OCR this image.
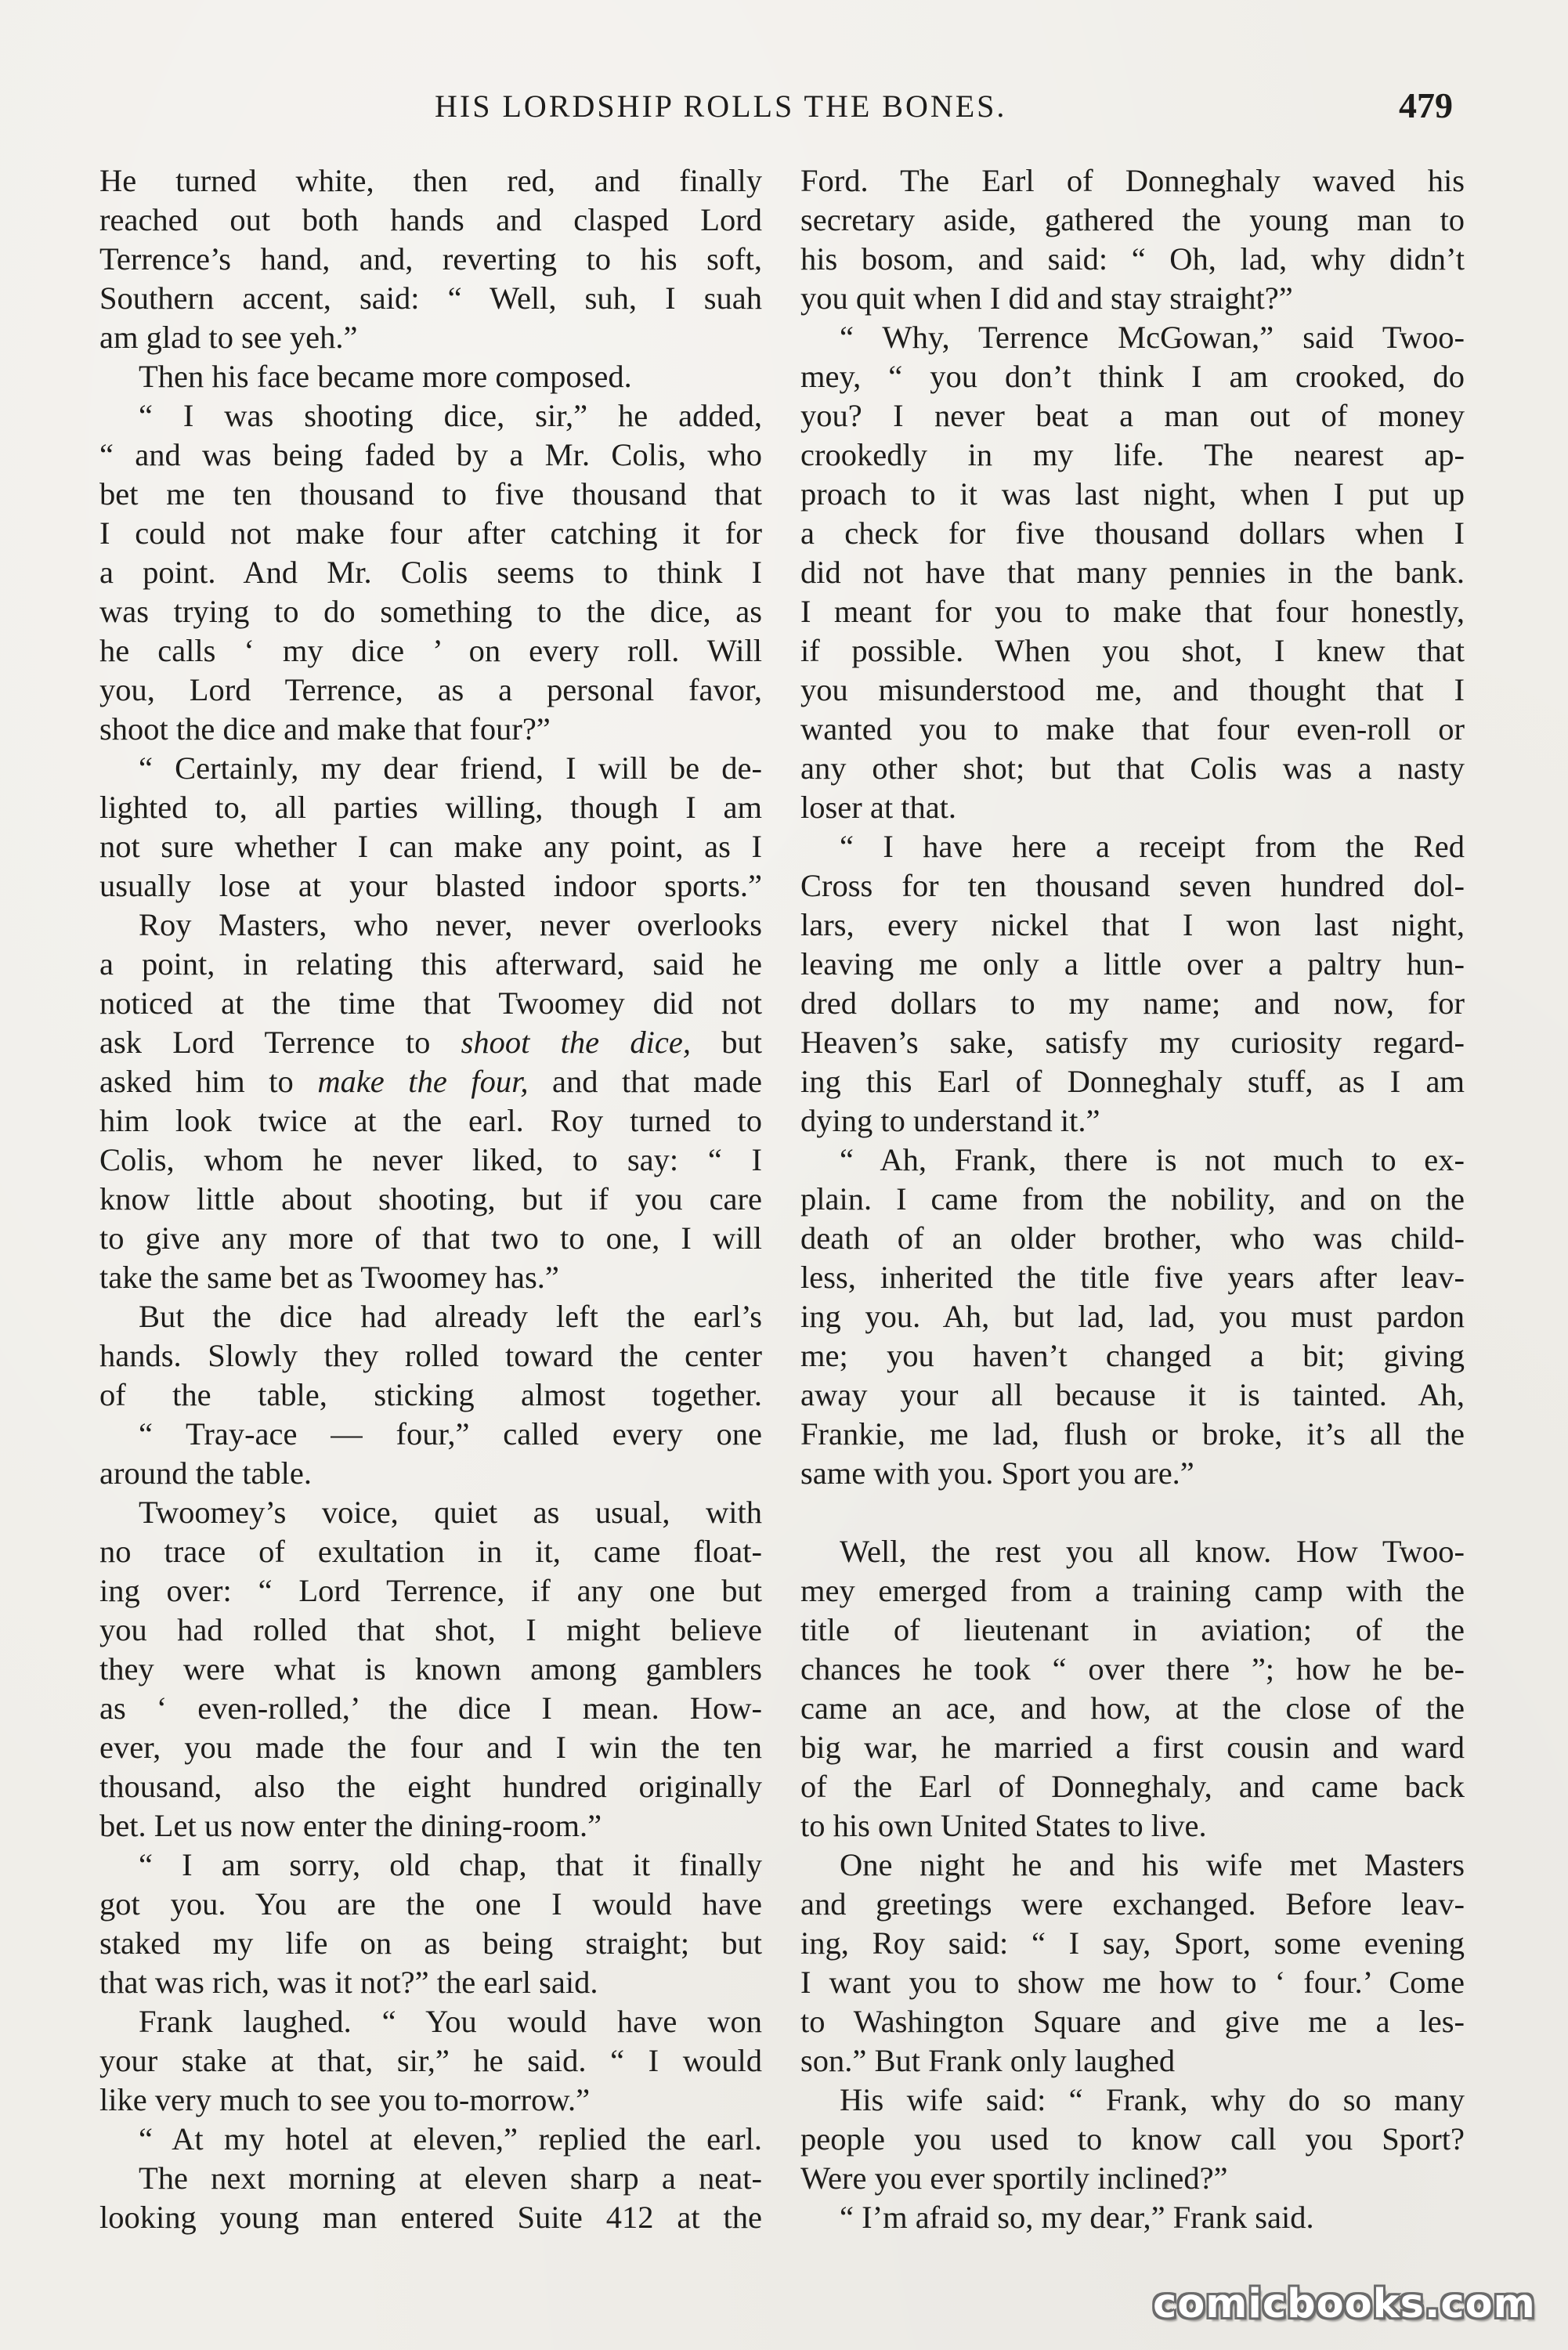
HIS LORDSHIP ROLLS THE BONES.	479
He turned white, then red, and finally
reached out both hands and clasped Lord
Terrence’s hand, and, reverting to his soft,
Southern accent, said: “ Well, suh, I suah
am glad to see yeh.”
Then his face became more composed.
“ I was shooting dice, sir,” he added,
“ and was being faded by a Mr. Colis, who
bet me ten thousand to five thousand that
I could not make four after catching it for
a point. And Mr. Colis seems to think I
was trying to do something to the dice, as
he calls ‘ my dice ’ on every roll. Will
you, Lord Terrence, as a personal favor,
shoot the dice and make that four?”
“ Certainly, my dear friend, I will be de-
lighted to, all parties willing, though I am
not sure whether I can make any point, as I
usually lose at your blasted indoor sports.”
Roy Masters, who never, never overlooks
a point, in relating this afterward, said he
noticed at the time that Twoomey did not
ask Lord Terrence to shoot the dice, but
asked him to make the four, and that made
him look twice at the earl. Roy turned to
Colis, whom he never liked, to say: “ I
know little about shooting, but if you care
to give any more of that two to one, I will
take the same bet as Twoomey has.”
But the dice had already left the earl’s
hands. Slowly they rolled toward the center
of the table, sticking almost together.
“ Tray-ace — four,” called every one
around the table.
Twoomey’s voice, quiet as usual, with
no trace of exultation in it, came float-
ing over: “ Lord Terrence, if any one but
you had rolled that shot, I might believe
they were what is known among gamblers
as ‘ even-rolled,’ the dice I mean. How-
ever, you made the four and I win the ten
thousand, also the eight hundred originally
bet. Let us now enter the dining-room.”
“ I am sorry, old chap, that it finally
got you. You are the one I would have
staked my life on as being straight; but
that was rich, was it not?” the earl said.
Frank laughed. “ You would have won
your stake at that, sir,” he said. “ I would
like very much to see you to-morrow.”
“ At my hotel at eleven,” replied the earl.
The next morning at eleven sharp a neat-
looking young man entered Suite 412 at the
Ford. The Earl of Donneghaly waved his
secretary aside, gathered the young man to
his bosom, and said: “ Oh, lad, why didn’t
you quit when I did and stay straight?”
“ Why, Terrence McGowan,” said Twoo-
mey, “ you don’t think I am crooked, do
you? I never beat a man out of money
crookedly in my life. The nearest ap-
proach to it was last night, when I put up
a check for five thousand dollars when I
did not have that many pennies in the bank.
I meant for you to make that four honestly,
if possible. When you shot, I knew that
you misunderstood me, and thought that I
wanted you to make that four even-roll or
any other shot; but that Colis was a nasty
loser at that.
“ I have here a receipt from the Red
Cross for ten thousand seven hundred dol-
lars, every nickel that I won last night,
leaving me only a little over a paltry hun-
dred dollars to my name; and now, for
Heaven’s sake, satisfy my curiosity regard-
ing this Earl of Donneghaly stuff, as I am
dying to understand it.”
“ Ah, Frank, there is not much to ex-
plain. I came from the nobility, and on the
death of an older brother, who was child-
less, inherited the title five years after leav-
ing you. Ah, but lad, lad, you must pardon
me; you haven’t changed a bit; giving
away your all because it is tainted. Ah,
Frankie, me lad, flush or broke, it’s all the
same with you. Sport you are.”
Well, the rest you all know. How Twoo-
mey emerged from a training camp with the
title of lieutenant in aviation; of the
chances he took “ over there ”; how he be-
came an ace, and how, at the close of the
big war, he married a first cousin and ward
of the Earl of Donneghaly, and came back
to his own United States to live.
One night he and his wife met Masters
and greetings were exchanged. Before leav-
ing, Roy said: “ I say, Sport, some evening
I want you to show me how to ‘ four.’ Come
to Washington Square and give me a les-
son.” But Frank only laughed
His wife said: “ Frank, why do so many
people you used to know call you Sport?
Were you ever sportily inclined?”
“ I’m afraid so, my dear,” Frank said.
comicbooks.com
